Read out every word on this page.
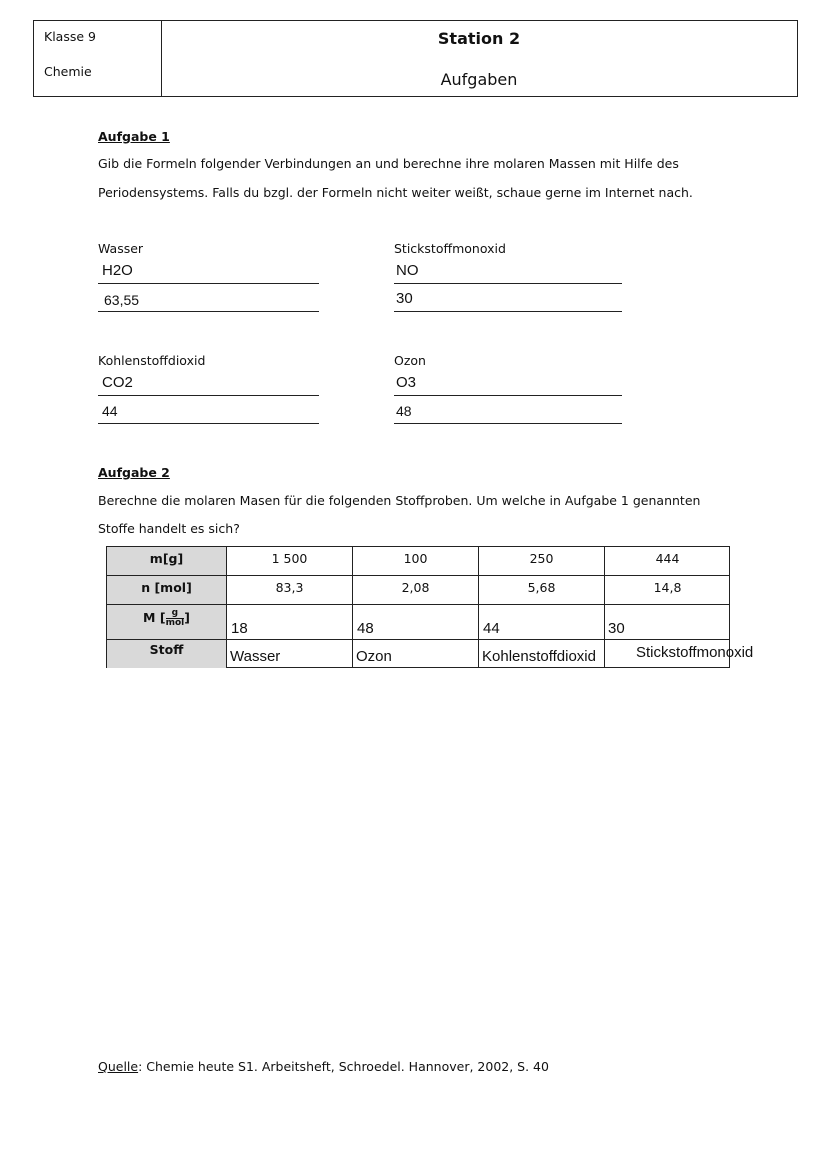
Klasse 9
Chemie
Station 2
Aufgaben
Aufgabe 1
Gib die Formeln folgender Verbindungen an und berechne ihre molaren Massen mit Hilfe des
Periodensystems. Falls du bzgl. der Formeln nicht weiter weißt, schaue gerne im Internet nach.
Wasser
H2O
63,55
Stickstoffmonoxid
NO
30
Kohlenstoffdioxid
CO2
44
Ozon
O3
48
Aufgabe 2
Berechne die molaren Masen für die folgenden Stoffproben. Um welche in Aufgabe 1 genannten
Stoffe handelt es sich?
m[g]	1 500	100	250	444
n [mol]	83,3	2,08	5,68	14,8
M [ g
mol ]
18	48	44	30
Stoff	Wasser	Ozon	Kohlenstoffdioxid	Stickstoffmonoxid
Quelle: Chemie heute S1. Arbeitsheft, Schroedel. Hannover, 2002, S. 40
